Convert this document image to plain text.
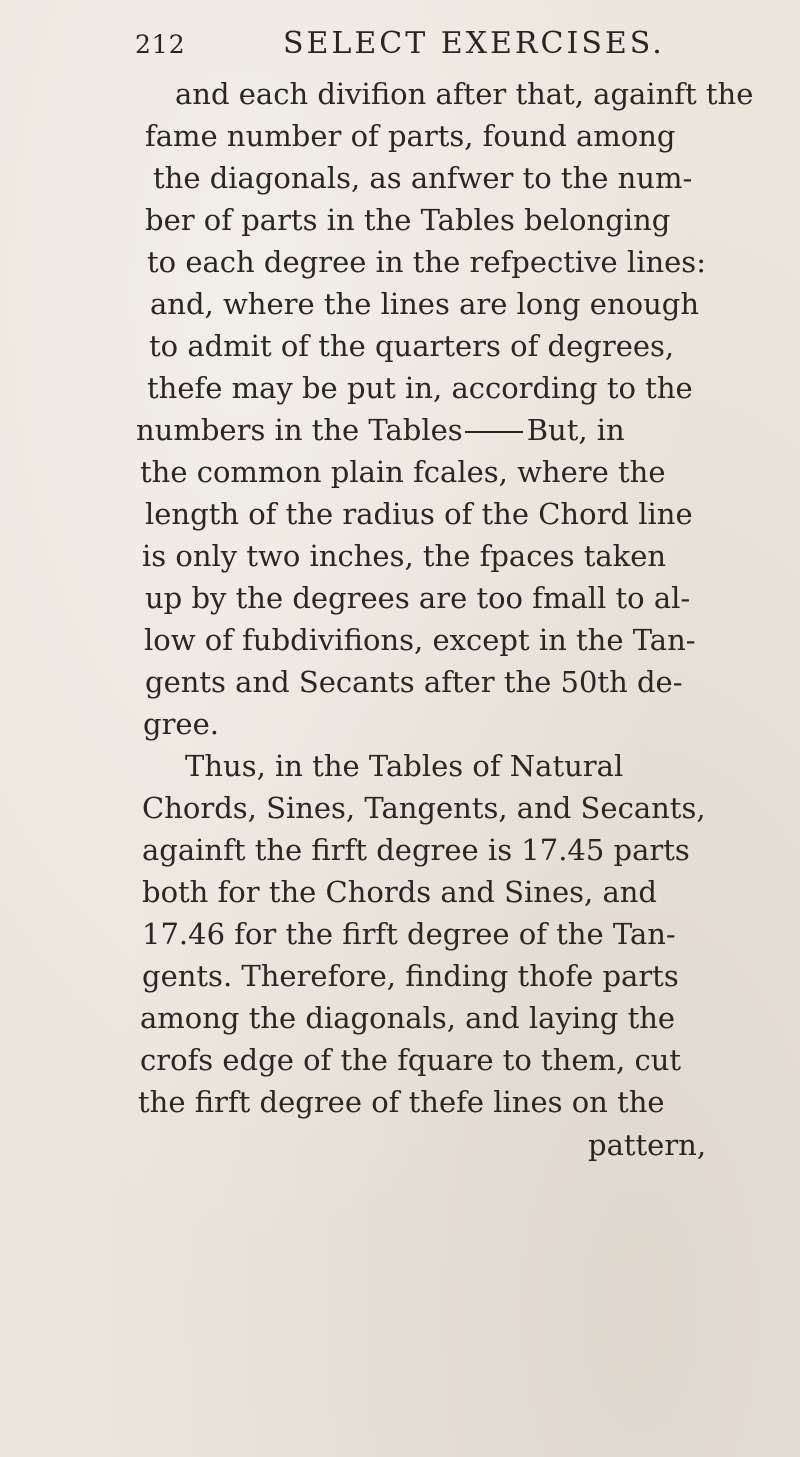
212	SELECT EXERCISES.
and each divifion after that, againft the
fame number of parts, found among
the diagonals, as anfwer to the num-
ber of parts in the Tables belonging
to each degree in the refpective lines:
and, where the lines are long enough
to admit of the quarters of degrees,
thefe may be put in, according to the
numbers in the Tables But, in
the common plain fcales, where the
length of the radius of the Chord line
is only two inches, the fpaces taken
up by the degrees are too fmall to al-
low of fubdivifions, except in the Tan-
gents and Secants after the 50th de-
gree.
Thus, in the Tables of Natural
Chords, Sines, Tangents, and Secants,
againft the firft degree is 17.45 parts
both for the Chords and Sines, and
17.46 for the firft degree of the Tan-
gents. Therefore, finding thofe parts
among the diagonals, and laying the
crofs edge of the fquare to them, cut
the firft degree of thefe lines on the
pattern,
